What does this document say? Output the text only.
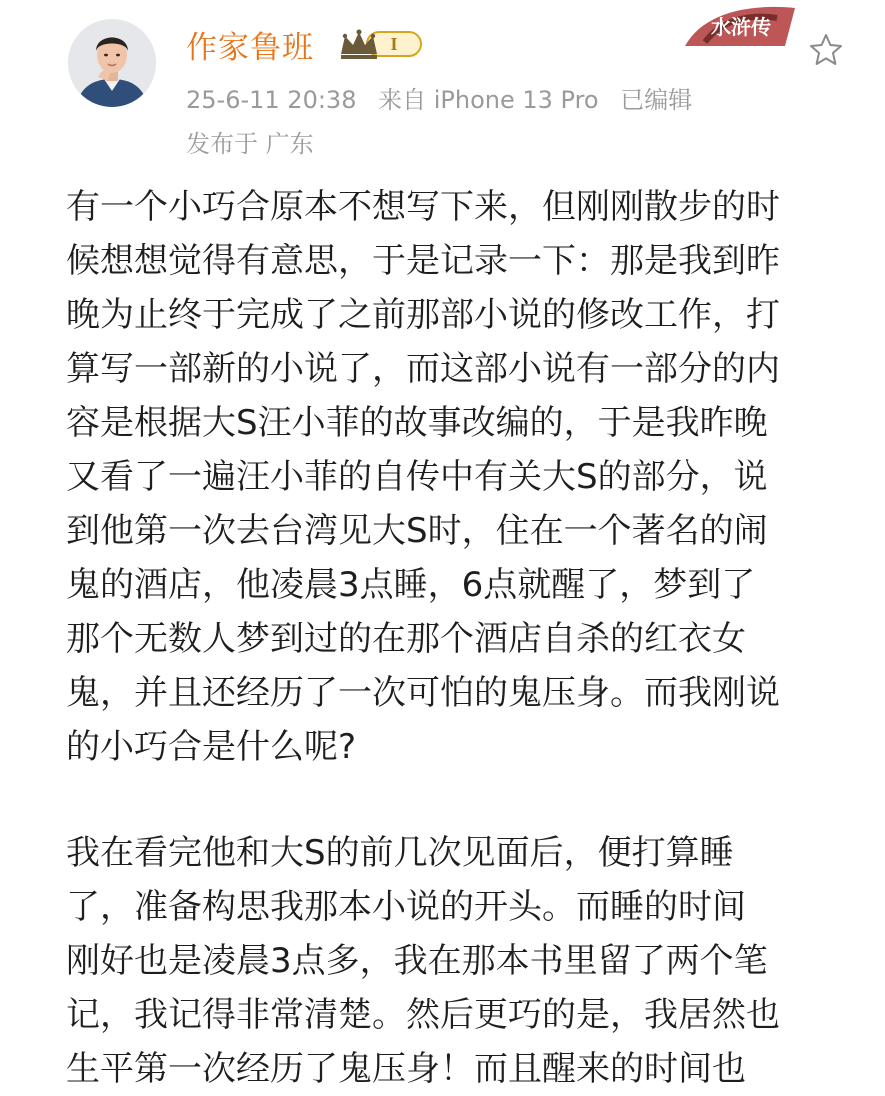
作家鲁班	I
25-6-11 20:38 来自 iPhone 13 Pro 已编辑
发布于 广东
水浒传

有一个小巧合原本不想写下来，但刚刚散步的时
候想想觉得有意思，于是记录一下：那是我到昨
晚为止终于完成了之前那部小说的修改工作，打
算写一部新的小说了，而这部小说有一部分的内
容是根据大S汪小菲的故事改编的，于是我昨晚
又看了一遍汪小菲的自传中有关大S的部分，说
到他第一次去台湾见大S时，住在一个著名的闹
鬼的酒店，他凌晨3点睡，6点就醒了，梦到了
那个无数人梦到过的在那个酒店自杀的红衣女
鬼，并且还经历了一次可怕的鬼压身。而我刚说
的小巧合是什么呢?

我在看完他和大S的前几次见面后，便打算睡
了，准备构思我那本小说的开头。而睡的时间
刚好也是凌晨3点多，我在那本书里留了两个笔
记，我记得非常清楚。然后更巧的是，我居然也
生平第一次经历了鬼压身！而且醒来的时间也
